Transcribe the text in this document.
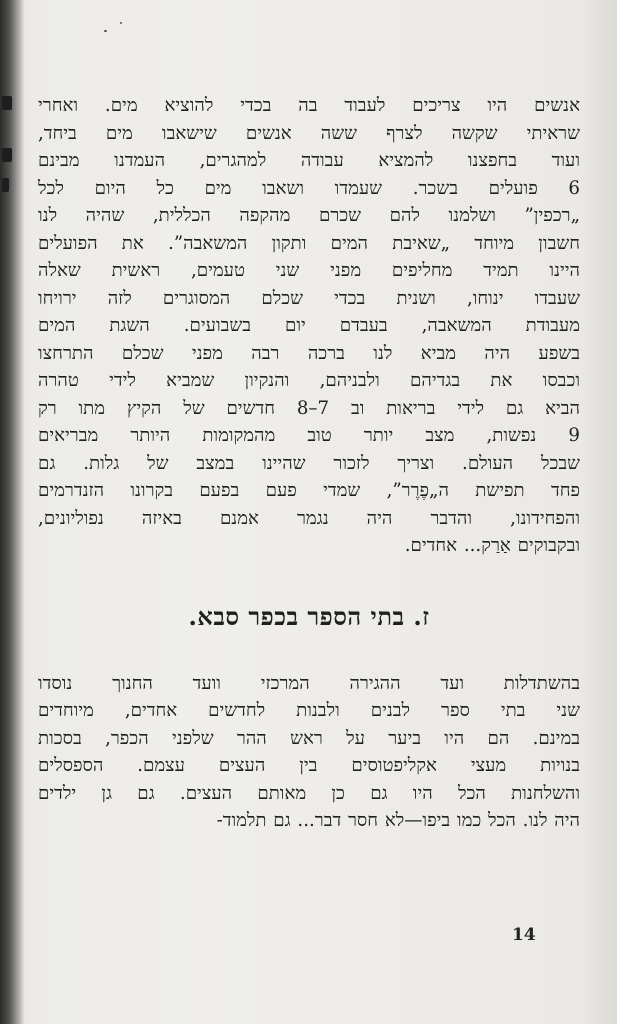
אנשים היו צריכים לעבוד בה בכדי להוציא מים. ואחרי
שראיתי שקשה לצרף ששה אנשים שישאבו מים ביחד,
ועוד בחפצנו להמציא עבודה למהגרים, העמדנו מבינם
6 פועלים בשכר. שעמדו ושאבו מים כל היום לכל
„רכפין” ושלמנו להם שכרם מהקפה הכללית, שהיה לנו
חשבון מיוחד „שאיבת המים ותקון המשאבה”. את הפועלים
היינו תמיד מחליפים מפני שני טעמים, ראשית שאלה
שעבדו ינוחו, ושנית בכדי שכלם המסוגרים לזה ירויחו
מעבודת המשאבה, בעבדם יום בשבועים. השגת המים
בשפע היה מביא לנו ברכה רבה מפני שכלם התרחצו
וכבסו את בגדיהם ולבניהם, והנקיון שמביא לידי טהרה
הביא גם לידי בריאות וב 7–8 חדשים של הקיץ מתו רק
9 נפשות, מצב יותר טוב מהמקומות היותר מבריאים
שבכל העולם. וצריך לזכור שהיינו במצב של גלות. גם
פחד תפישת ה„פֶרֶר”, שמדי פעם בפעם בקרונו הזנדרמים
והפחידונו, והדבר היה נגמר אמנם באיזה נפוליונים,
ובקבוקים אַרַק... אחדים.

ז. בתי הספר בכפר סבא.

בהשתדלות ועד ההגירה המרכזי וועד החנוך נוסדו
שני בתי ספר לבנים ולבנות לחדשים אחדים, מיוחדים
במינם. הם היו ביער על ראש ההר שלפני הכפר, בסכות
בנויות מעצי אקליפטוסים בין העצים עצמם. הספסלים
והשלחנות הכל היו גם כן מאותם העצים. גם גן ילדים
היה לנו. הכל כמו ביפו—לא חסר דבר... גם תלמוד-

14
